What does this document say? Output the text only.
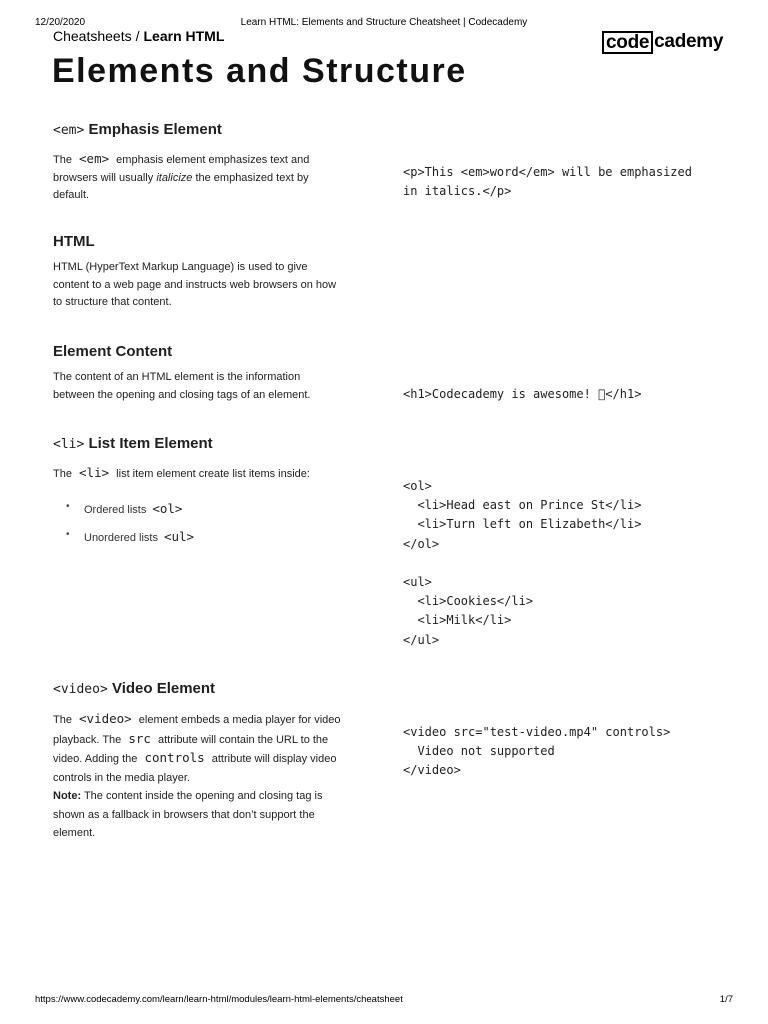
12/20/2020	Learn HTML: Elements and Structure Cheatsheet | Codecademy
Cheatsheets / Learn HTML	code cademy
Elements and Structure
<em> Emphasis Element
The <em> emphasis element emphasizes text and browsers will usually italicize the emphasized text by default.
<p>This <em>word</em> will be emphasized
in italics.</p>
HTML
HTML (HyperText Markup Language) is used to give content to a web page and instructs web browsers on how to structure that content.
Element Content
The content of an HTML element is the information between the opening and closing tags of an element.	<h1>Codecademy is awesome! ￿</h1>
<li> List Item Element
The <li> list item element create list items inside:
• Ordered lists <ol>
• Unordered lists <ul>
<ol>
<li>Head east on Prince St</li>
<li>Turn left on Elizabeth</li>
</ol>

<ul>
<li>Cookies</li>
<li>Milk</li>
</ul>
<video> Video Element
The <video> element embeds a media player for video playback. The src attribute will contain the URL to the video. Adding the controls attribute will display video controls in the media player.
Note: The content inside the opening and closing tag is shown as a fallback in browsers that don’t support the element.
<video src="test-video.mp4" controls>
Video not supported
</video>
https://www.codecademy.com/learn/learn-html/modules/learn-html-elements/cheatsheet	1/7
